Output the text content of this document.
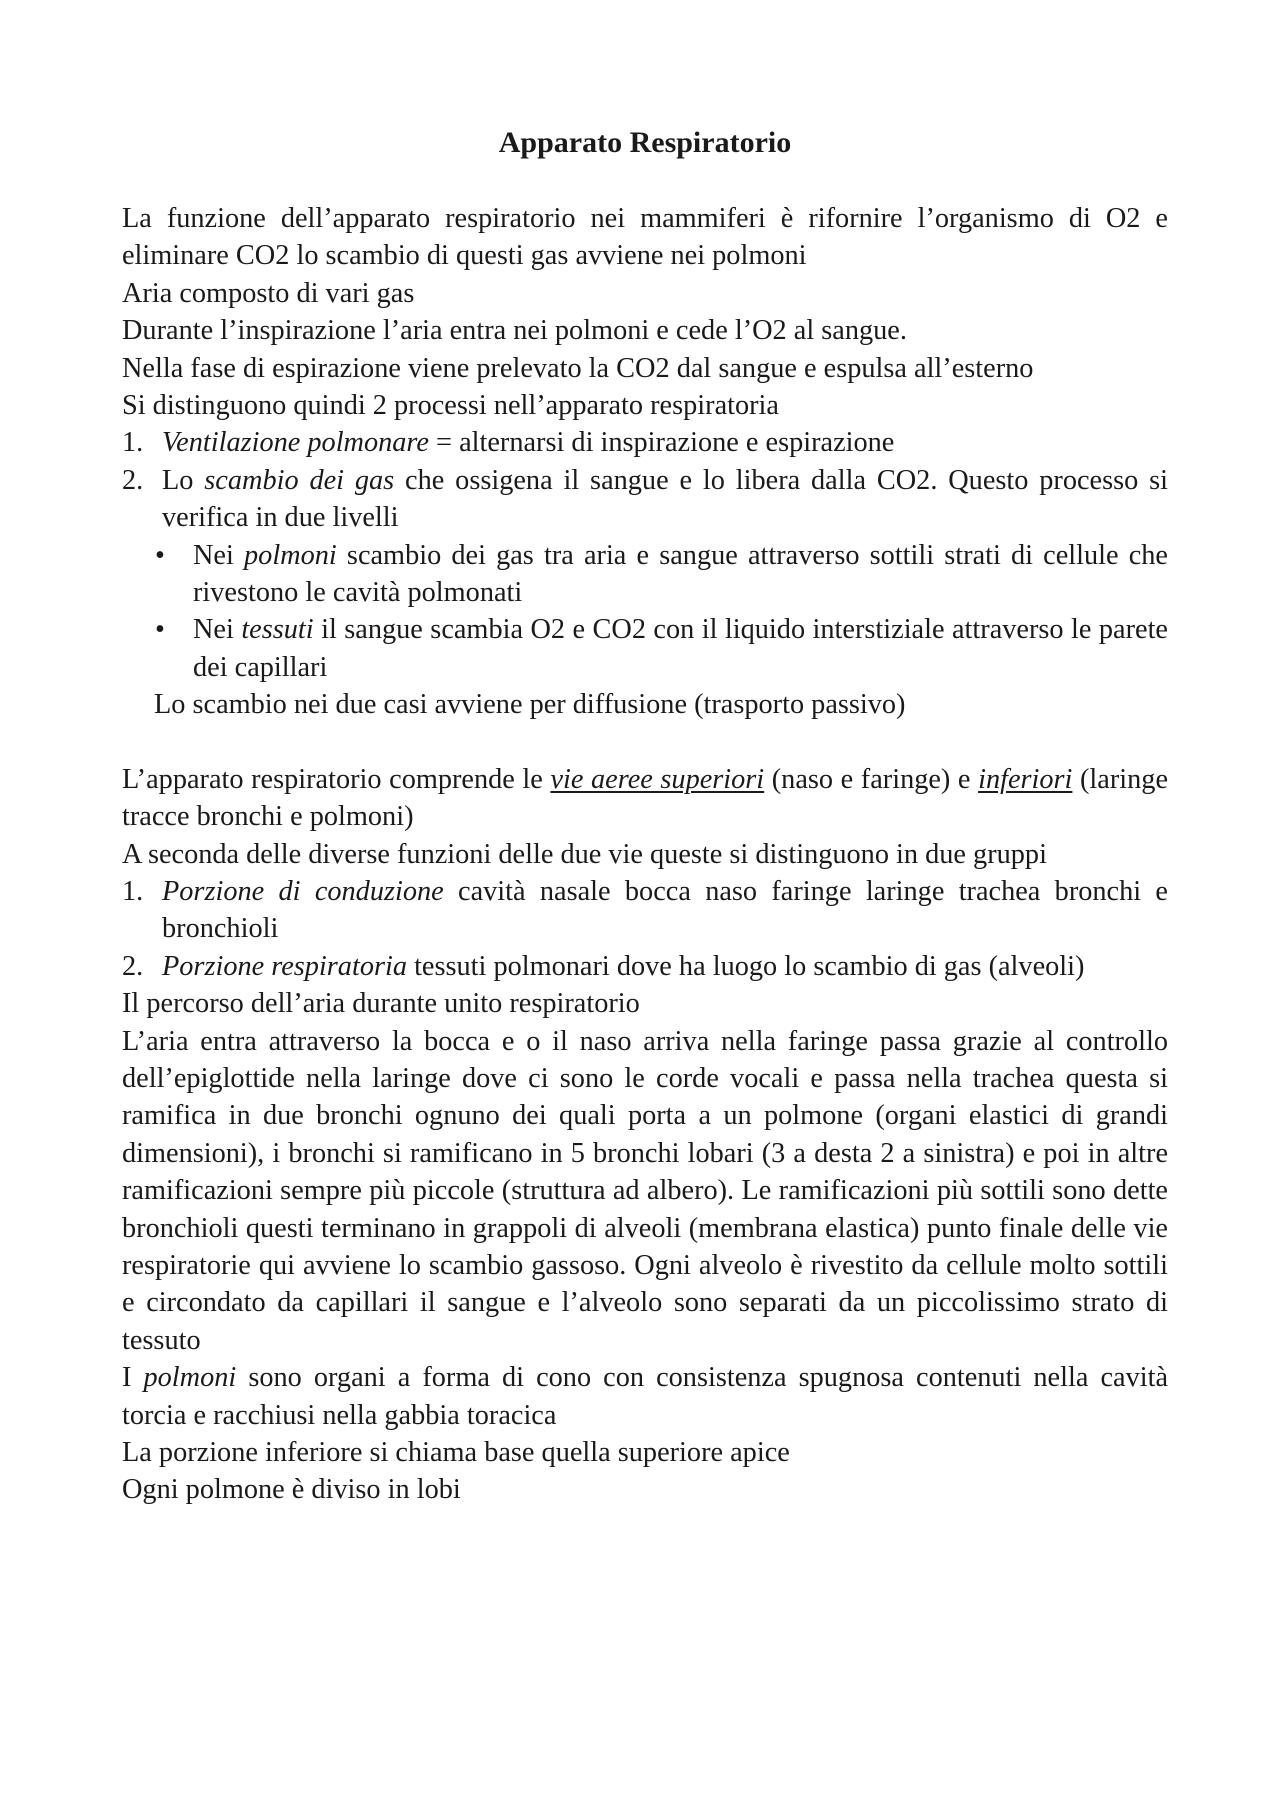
Apparato Respiratorio

La funzione dell’apparato respiratorio nei mammiferi è rifornire l’organismo di O2 e eliminare CO2 lo scambio di questi gas avviene nei polmoni

Aria composto di vari gas

Durante l’inspirazione l’aria entra nei polmoni e cede l’O2 al sangue.

Nella fase di espirazione viene prelevato la CO2 dal sangue e espulsa all’esterno

Si distinguono quindi 2 processi nell’apparato respiratoria

1. Ventilazione polmonare = alternarsi di inspirazione e espirazione
2. Lo scambio dei gas che ossigena il sangue e lo libera dalla CO2. Questo processo si verifica in due livelli
• Nei polmoni scambio dei gas tra aria e sangue attraverso sottili strati di cellule che rivestono le cavità polmonati
• Nei tessuti il sangue scambia O2 e CO2 con il liquido interstiziale attraverso le parete dei capillari

Lo scambio nei due casi avviene per diffusione (trasporto passivo)

L’apparato respiratorio comprende le vie aeree superiori (naso e faringe) e inferiori (laringe tracce bronchi e polmoni)

A seconda delle diverse funzioni delle due vie queste si distinguono in due gruppi

1. Porzione di conduzione cavità nasale bocca naso faringe laringe trachea bronchi e bronchioli
2. Porzione respiratoria tessuti polmonari dove ha luogo lo scambio di gas (alveoli)

Il percorso dell’aria durante unito respiratorio

L’aria entra attraverso la bocca e o il naso arriva nella faringe passa grazie al controllo dell’epiglottide nella laringe dove ci sono le corde vocali e passa nella trachea questa si ramifica in due bronchi ognuno dei quali porta a un polmone (organi elastici di grandi dimensioni), i bronchi si ramificano in 5 bronchi lobari (3 a desta 2 a sinistra) e poi in altre ramificazioni sempre più piccole (struttura ad albero). Le ramificazioni più sottili sono dette bronchioli questi terminano in grappoli di alveoli (membrana elastica) punto finale delle vie respiratorie qui avviene lo scambio gassoso. Ogni alveolo è rivestito da cellule molto sottili e circondato da capillari il sangue e l’alveolo sono separati da un piccolissimo strato di tessuto

I polmoni sono organi a forma di cono con consistenza spugnosa contenuti nella cavità torcia e racchiusi nella gabbia toracica

La porzione inferiore si chiama base quella superiore apice

Ogni polmone è diviso in lobi
